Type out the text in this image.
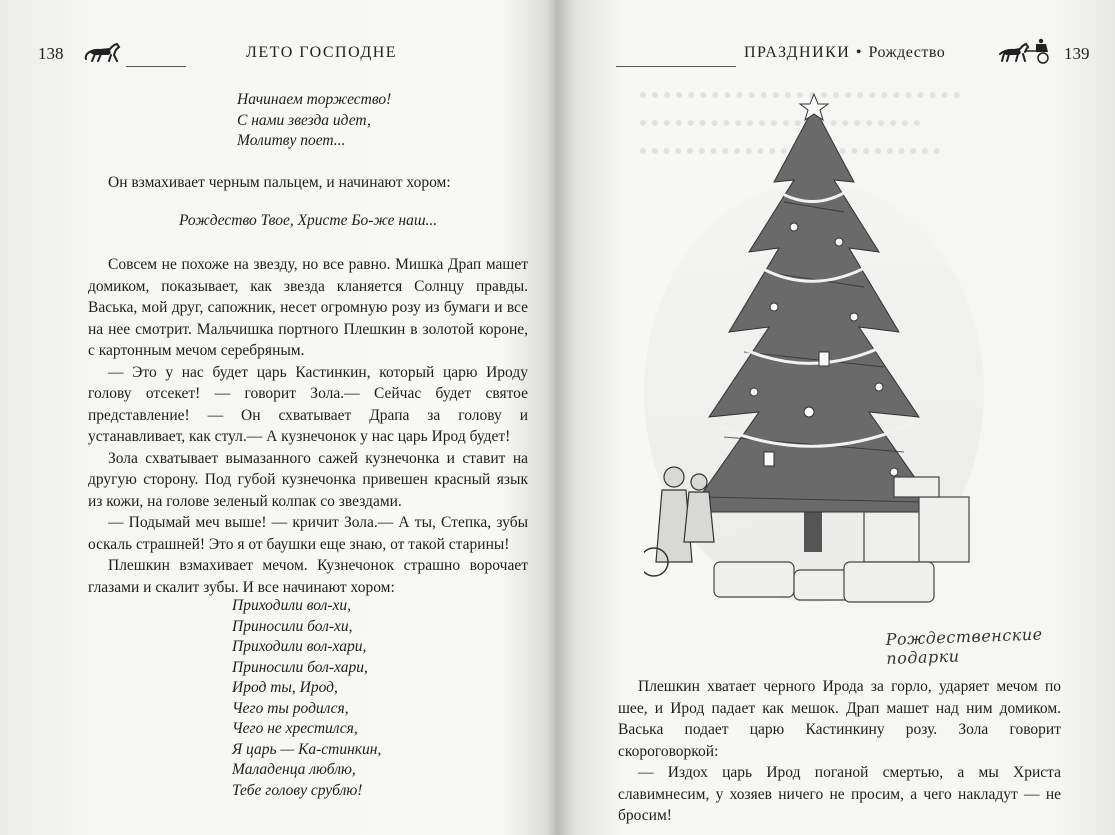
138	ЛЕТО ГОСПОДНЕ
Начинаем торжество!
С нами звезда идет,
Молитву поет...

Он взмахивает черным пальцем, и начинают хором:

Рождество Твое, Христе Бо-же наш...

Совсем не похоже на звезду, но все равно. Мишка Драп машет домиком, показывает, как звезда кланяется Солнцу правды. Васька, мой друг, сапожник, несет огромную розу из бумаги и все на нее смотрит. Мальчишка портного Плешкин в золотой короне, с картонным мечом серебряным.

— Это у нас будет царь Кастинкин, который царю Ироду голову отсекет! — говорит Зола.— Сейчас будет святое представление! — Он схватывает Драпа за голову и устанавливает, как стул.— А кузнечонок у нас царь Ирод будет!

Зола схватывает вымазанного сажей кузнечонка и ставит на другую сторону. Под губой кузнечонка привешен красный язык из кожи, на голове зеленый колпак со звездами.

— Подымай меч выше! — кричит Зола.— А ты, Степка, зубы оскаль страшней! Это я от баушки еще знаю, от такой старины!

Плешкин взмахивает мечом. Кузнечонок страшно ворочает глазами и скалит зубы. И все начинают хором:

Приходили вол-хи,
Приносили бол-хи,
Приходили вол-хари,
Приносили бол-хари,
Ирод ты, Ирод,
Чего ты родился,
Чего не хрестился,
Я царь — Ка-стинкин,
Маладенца люблю,
Тебе голову срублю!
ПРАЗДНИКИ • Рождество	139
Рождественские подарки

Плешкин хватает черного Ирода за горло, ударяет мечом по шее, и Ирод падает как мешок. Драп машет над ним домиком. Васька подает царю Кастинкину розу. Зола говорит скороговоркой:

— Издох царь Ирод поганой смертью, а мы Христа славимнесим, у хозяев ничего не просим, а чего накладут — не бросим!
